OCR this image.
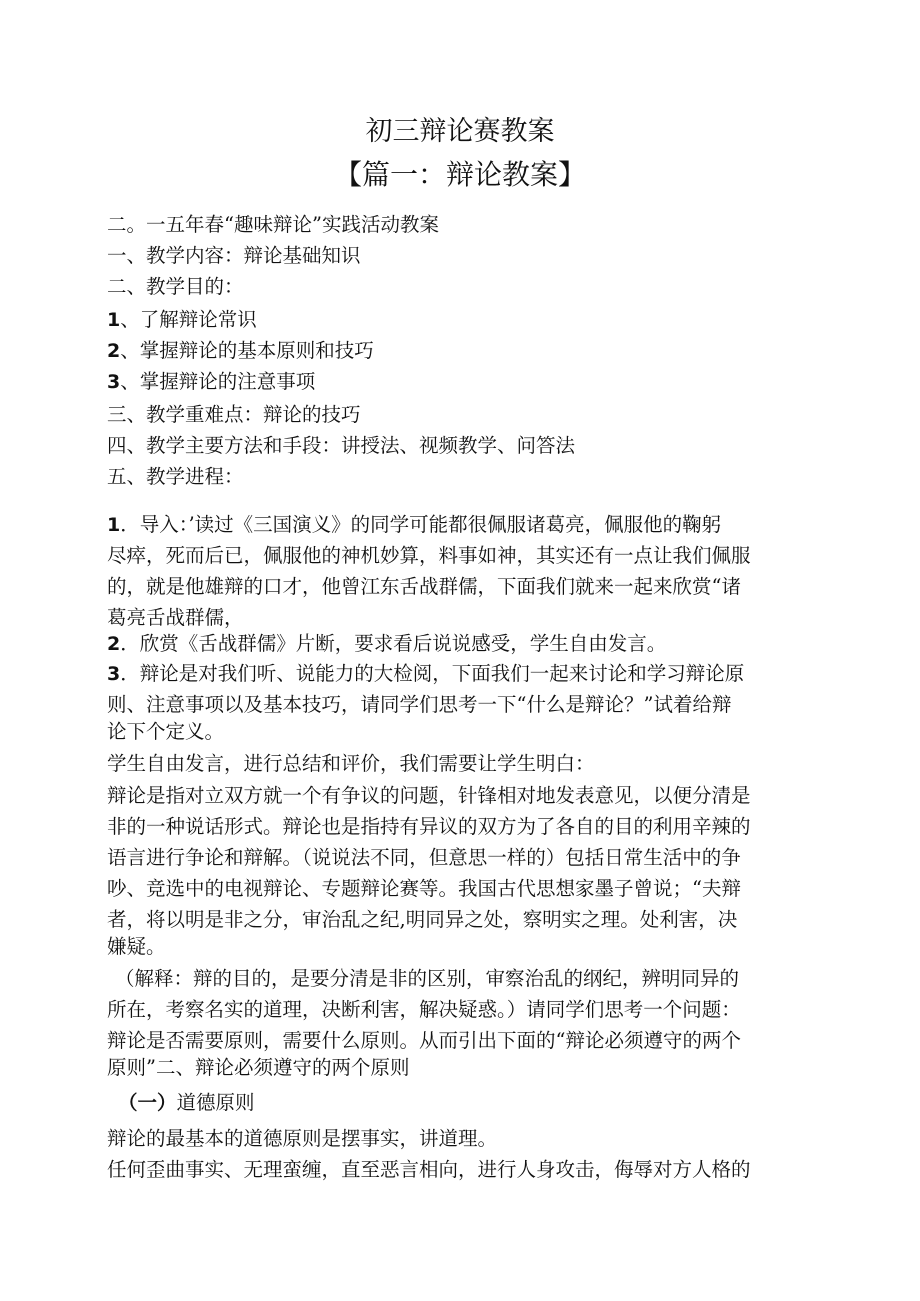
初三辩论赛教案
【篇一：辩论教案】
二。一五年春“趣味辩论”实践活动教案
一、教学内容：辩论基础知识
二、教学目的：
1、了解辩论常识
2、掌握辩论的基本原则和技巧
3、掌握辩论的注意事项
三、教学重难点：辩论的技巧
四、教学主要方法和手段：讲授法、视频教学、问答法
五、教学进程：
1．导入：’读过《三国演义》的同学可能都很佩服诸葛亮，佩服他的鞠躬
尽瘁，死而后已，佩服他的神机妙算，料事如神，其实还有一点让我们佩服
的，就是他雄辩的口才，他曾江东舌战群儒，下面我们就来一起来欣赏“诸
葛亮舌战群儒，
2．欣赏《舌战群儒》片断，要求看后说说感受，学生自由发言。
3．辩论是对我们听、说能力的大检阅，下面我们一起来讨论和学习辩论原
则、注意事项以及基本技巧，请同学们思考一下“什么是辩论？”试着给辩
论下个定义。
学生自由发言，进行总结和评价，我们需要让学生明白：
辩论是指对立双方就一个有争议的问题，针锋相对地发表意见，以便分清是
非的一种说话形式。辩论也是指持有异议的双方为了各自的目的利用辛辣的
语言进行争论和辩解。（说说法不同，但意思一样的）包括日常生活中的争
吵、竞选中的电视辩论、专题辩论赛等。我国古代思想家墨子曾说；“夫辩
者，将以明是非之分，审治乱之纪,明同异之处，察明实之理。处利害，决
嫌疑。
（解释：辩的目的，是要分清是非的区别，审察治乱的纲纪，辨明同异的
所在，考察名实的道理，决断利害，解决疑惑。）请同学们思考一个问题：
辩论是否需要原则，需要什么原则。从而引出下面的“辩论必须遵守的两个
原则”二、辩论必须遵守的两个原则
（一）道德原则
辩论的最基本的道德原则是摆事实，讲道理。
任何歪曲事实、无理蛮缠，直至恶言相向，进行人身攻击，侮辱对方人格的
